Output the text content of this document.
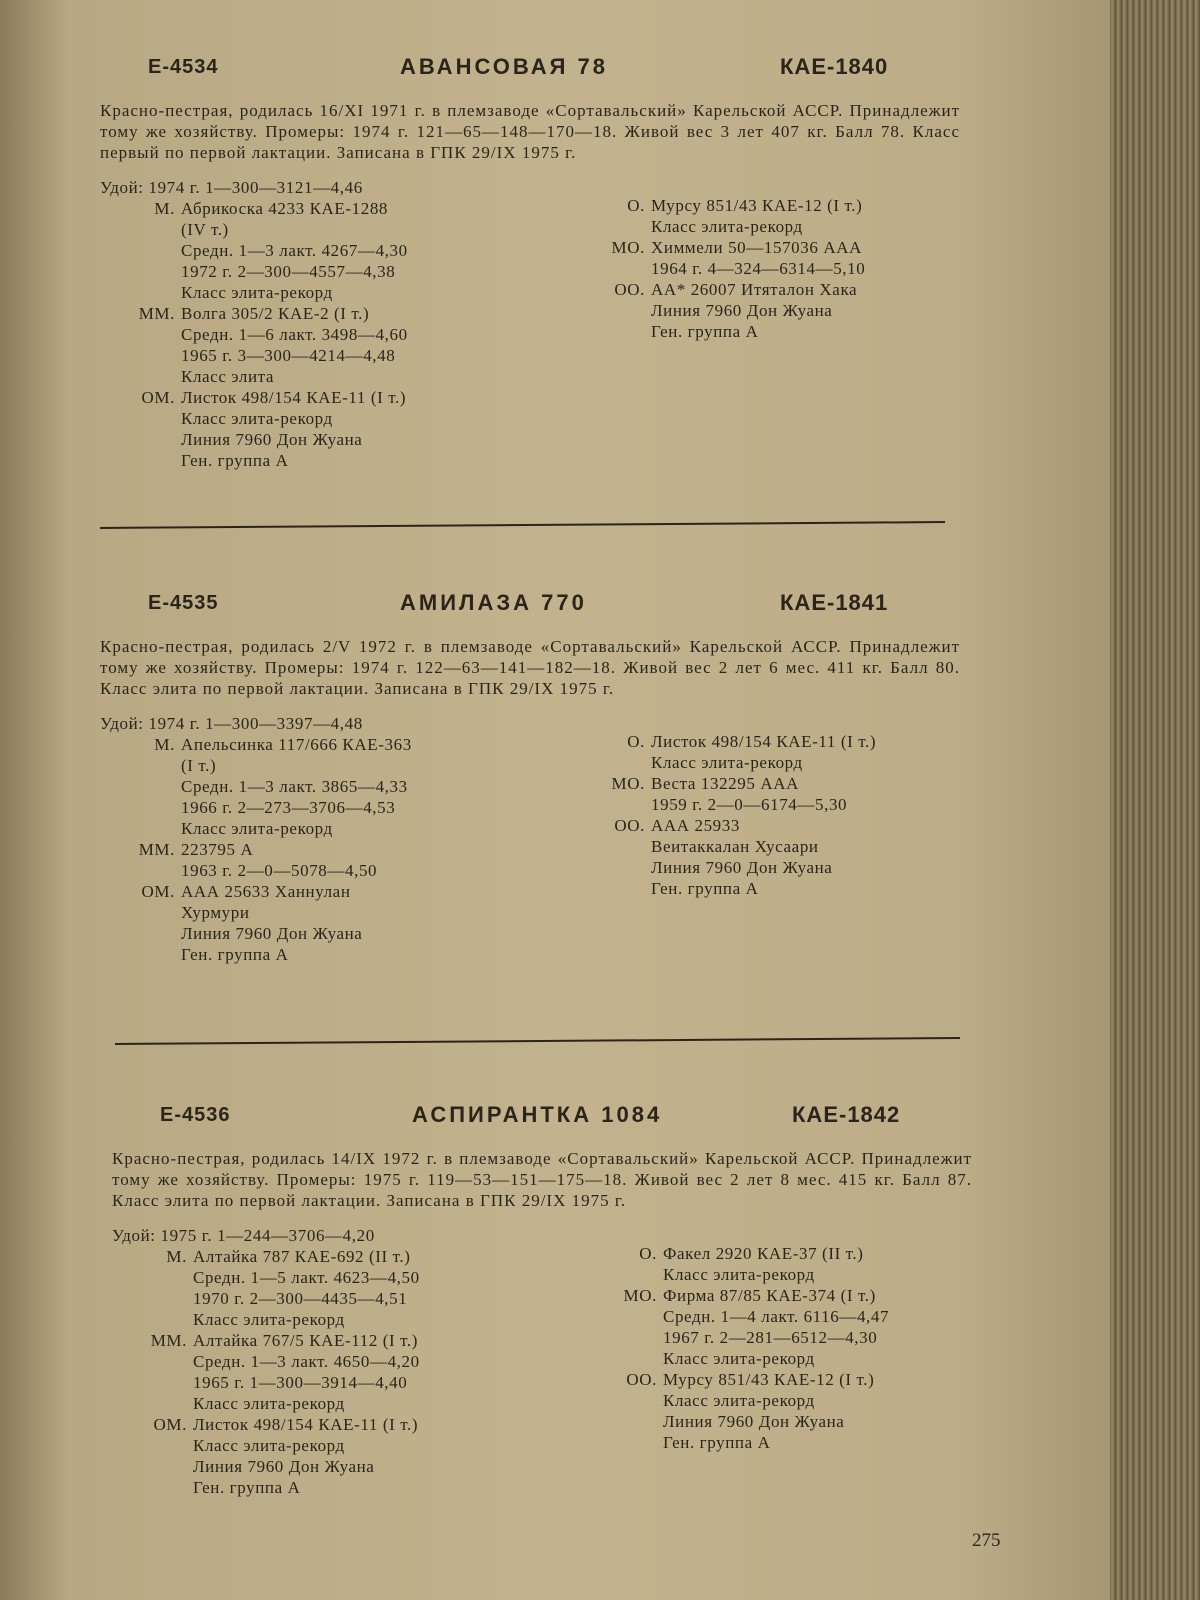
Е-4534	АВАНСОВАЯ 78	КАЕ-1840
Красно-пестрая, родилась 16/XI 1971 г. в племзаводе «Сортавальский» Карельской АССР. Принадлежит тому же хозяйству. Промеры: 1974 г. 121—65—148—170—18. Живой вес 3 лет 407 кг. Балл 78. Класс первый по первой лактации. Записана в ГПК 29/IX 1975 г.
Удой: 1974 г. 1—300—3121—4,46
М. Абрикоска 4233 КАЕ-1288
(IV т.)
Средн. 1—3 лакт. 4267—4,30
1972 г. 2—300—4557—4,38
Класс элита-рекорд
ММ. Волга 305/2 КАЕ-2 (I т.)
Средн. 1—6 лакт. 3498—4,60
1965 г. 3—300—4214—4,48
Класс элита
ОМ. Листок 498/154 КАЕ-11 (I т.)
Класс элита-рекорд
Линия 7960 Дон Жуана
Ген. группа А
О. Мурсу 851/43 КАЕ-12 (I т.)
Класс элита-рекорд
МО. Химмели 50—157036 ААА
1964 г. 4—324—6314—5,10
ОО. АА* 26007 Итяталон Хака
Линия 7960 Дон Жуана
Ген. группа А
Е-4535	АМИЛАЗА 770	КАЕ-1841
Красно-пестрая, родилась 2/V 1972 г. в племзаводе «Сортавальский» Карельской АССР. Принадлежит тому же хозяйству. Промеры: 1974 г. 122—63—141—182—18. Живой вес 2 лет 6 мес. 411 кг. Балл 80. Класс элита по первой лактации. Записана в ГПК 29/IX 1975 г.
Удой: 1974 г. 1—300—3397—4,48
М. Апельсинка 117/666 КАЕ-363
(I т.)
Средн. 1—3 лакт. 3865—4,33
1966 г. 2—273—3706—4,53
Класс элита-рекорд
ММ. 223795 А
1963 г. 2—0—5078—4,50
ОМ. ААА 25633 Ханнулан
Хурмури
Линия 7960 Дон Жуана
Ген. группа А
О. Листок 498/154 КАЕ-11 (I т.)
Класс элита-рекорд
МО. Веста 132295 ААА
1959 г. 2—0—6174—5,30
ОО. ААА 25933
Веитаккалан Хусаари
Линия 7960 Дон Жуана
Ген. группа А
Е-4536	АСПИРАНТКА 1084	КАЕ-1842
Красно-пестрая, родилась 14/IX 1972 г. в племзаводе «Сортавальский» Карельской АССР. Принадлежит тому же хозяйству. Промеры: 1975 г. 119—53—151—175—18. Живой вес 2 лет 8 мес. 415 кг. Балл 87. Класс элита по первой лактации. Записана в ГПК 29/IX 1975 г.
Удой: 1975 г. 1—244—3706—4,20
М. Алтайка 787 КАЕ-692 (II т.)
Средн. 1—5 лакт. 4623—4,50
1970 г. 2—300—4435—4,51
Класс элита-рекорд
ММ. Алтайка 767/5 КАЕ-112 (I т.)
Средн. 1—3 лакт. 4650—4,20
1965 г. 1—300—3914—4,40
Класс элита-рекорд
ОМ. Листок 498/154 КАЕ-11 (I т.)
Класс элита-рекорд
Линия 7960 Дон Жуана
Ген. группа А
О. Факел 2920 КАЕ-37 (II т.)
Класс элита-рекорд
МО. Фирма 87/85 КАЕ-374 (I т.)
Средн. 1—4 лакт. 6116—4,47
1967 г. 2—281—6512—4,30
Класс элита-рекорд
ОО. Мурсу 851/43 КАЕ-12 (I т.)
Класс элита-рекорд
Линия 7960 Дон Жуана
Ген. группа А
275
